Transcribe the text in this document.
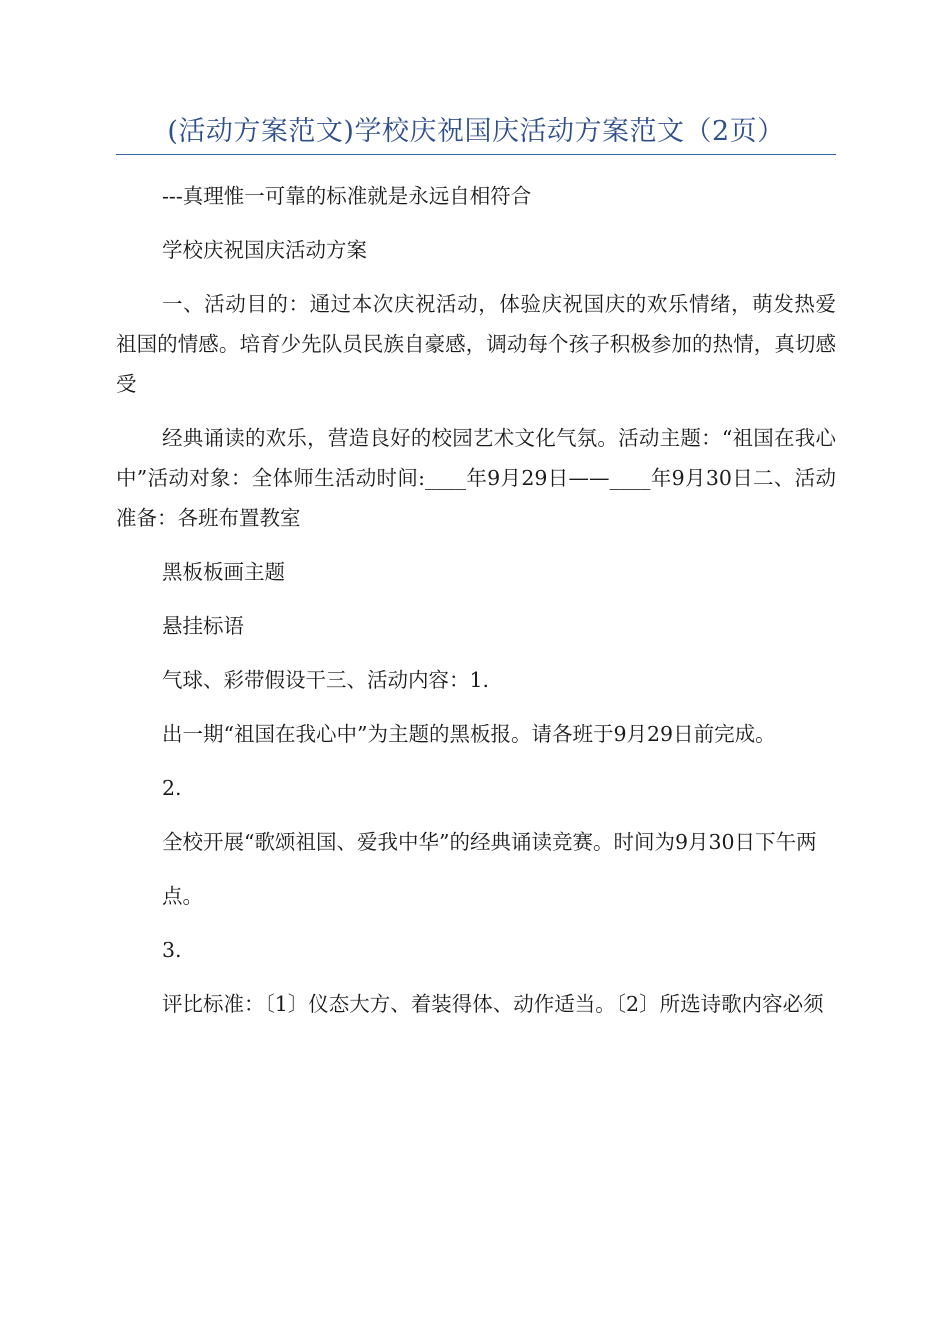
(活动方案范文)学校庆祝国庆活动方案范文（2页）

---真理惟一可靠的标准就是永远自相符合

学校庆祝国庆活动方案

一、活动目的：通过本次庆祝活动，体验庆祝国庆的欢乐情绪，萌发热爱祖国的情感。培育少先队员民族自豪感，调动每个孩子积极参加的热情，真切感受

经典诵读的欢乐，营造良好的校园艺术文化气氛。活动主题：“祖国在我心中”活动对象：全体师生活动时间:____年9月29日——____年9月30日二、活动准备：各班布置教室

黑板板画主题

悬挂标语

气球、彩带假设干三、活动内容：1.

出一期“祖国在我心中”为主题的黑板报。请各班于9月29日前完成。

2.

全校开展“歌颂祖国、爱我中华”的经典诵读竞赛。时间为9月30日下午两

点。

3.

评比标准：〔1〕仪态大方、着装得体、动作适当。〔2〕所选诗歌内容必须
